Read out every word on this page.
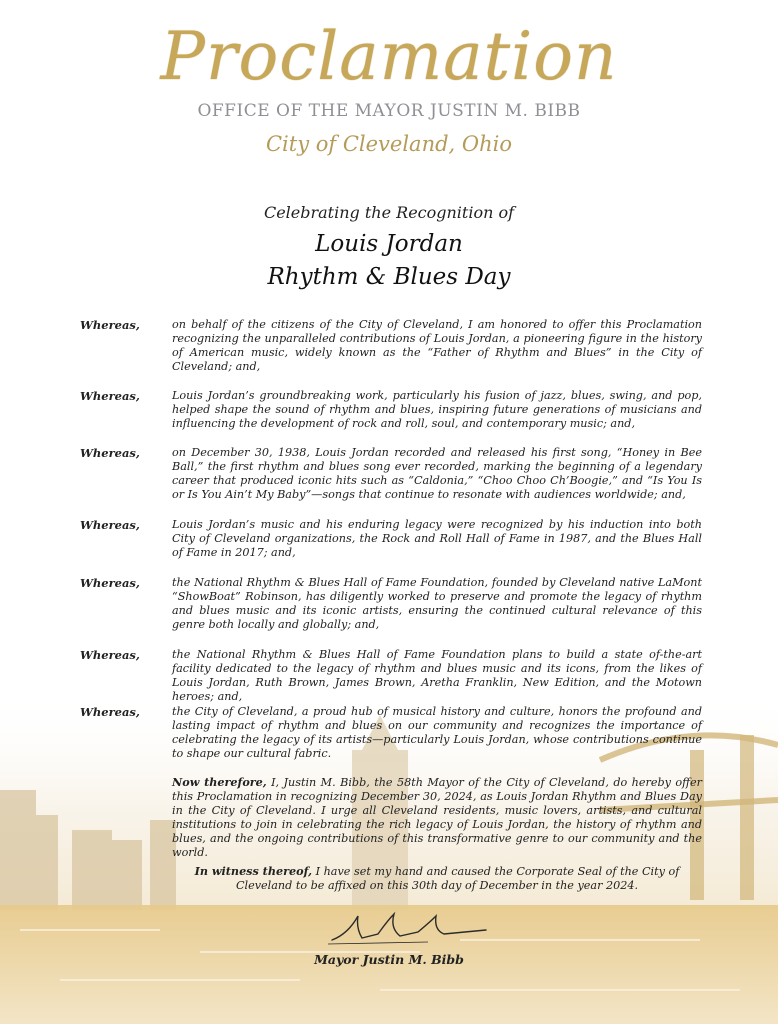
Proclamation
OFFICE OF THE MAYOR JUSTIN M. BIBB
City of Cleveland, Ohio
Celebrating the Recognition of
Louis Jordan
Rhythm & Blues Day
Whereas,	on behalf of the citizens of the City of Cleveland, I am honored to offer this Proclamation recognizing the unparalleled contributions of Louis Jordan, a pioneering figure in the history of American music, widely known as the “Father of Rhythm and Blues” in the City of Cleveland; and,
Whereas,	Louis Jordan’s groundbreaking work, particularly his fusion of jazz, blues, swing, and pop, helped shape the sound of rhythm and blues, inspiring future generations of musicians and influencing the development of rock and roll, soul, and contemporary music; and,
Whereas,	on December 30, 1938, Louis Jordan recorded and released his first song, “Honey in Bee Ball,” the first rhythm and blues song ever recorded, marking the beginning of a legendary career that produced iconic hits such as “Caldonia,” “Choo Choo Ch’Boogie,” and “Is You Is or Is You Ain’t My Baby”—songs that continue to resonate with audiences worldwide; and,
Whereas,	Louis Jordan’s music and his enduring legacy were recognized by his induction into both City of Cleveland organizations, the Rock and Roll Hall of Fame in 1987, and the Blues Hall of Fame in 2017; and,
Whereas,	the National Rhythm & Blues Hall of Fame Foundation, founded by Cleveland native LaMont “ShowBoat” Robinson, has diligently worked to preserve and promote the legacy of rhythm and blues music and its iconic artists, ensuring the continued cultural relevance of this genre both locally and globally; and,
Whereas,	the National Rhythm & Blues Hall of Fame Foundation plans to build a state of-the-art facility dedicated to the legacy of rhythm and blues music and its icons, from the likes of Louis Jordan, Ruth Brown, James Brown, Aretha Franklin, New Edition, and the Motown heroes; and,
Whereas,	the City of Cleveland, a proud hub of musical history and culture, honors the profound and lasting impact of rhythm and blues on our community and recognizes the importance of celebrating the legacy of its artists—particularly Louis Jordan, whose contributions continue to shape our cultural fabric.
Now therefore, I, Justin M. Bibb, the 58th Mayor of the City of Cleveland, do hereby offer this Proclamation in recognizing December 30, 2024, as Louis Jordan Rhythm and Blues Day in the City of Cleveland. I urge all Cleveland residents, music lovers, artists, and cultural institutions to join in celebrating the rich legacy of Louis Jordan, the history of rhythm and blues, and the ongoing contributions of this transformative genre to our community and the world.
In witness thereof, I have set my hand and caused the Corporate Seal of the City of Cleveland to be affixed on this 30th day of December in the year 2024.
Mayor Justin M. Bibb
